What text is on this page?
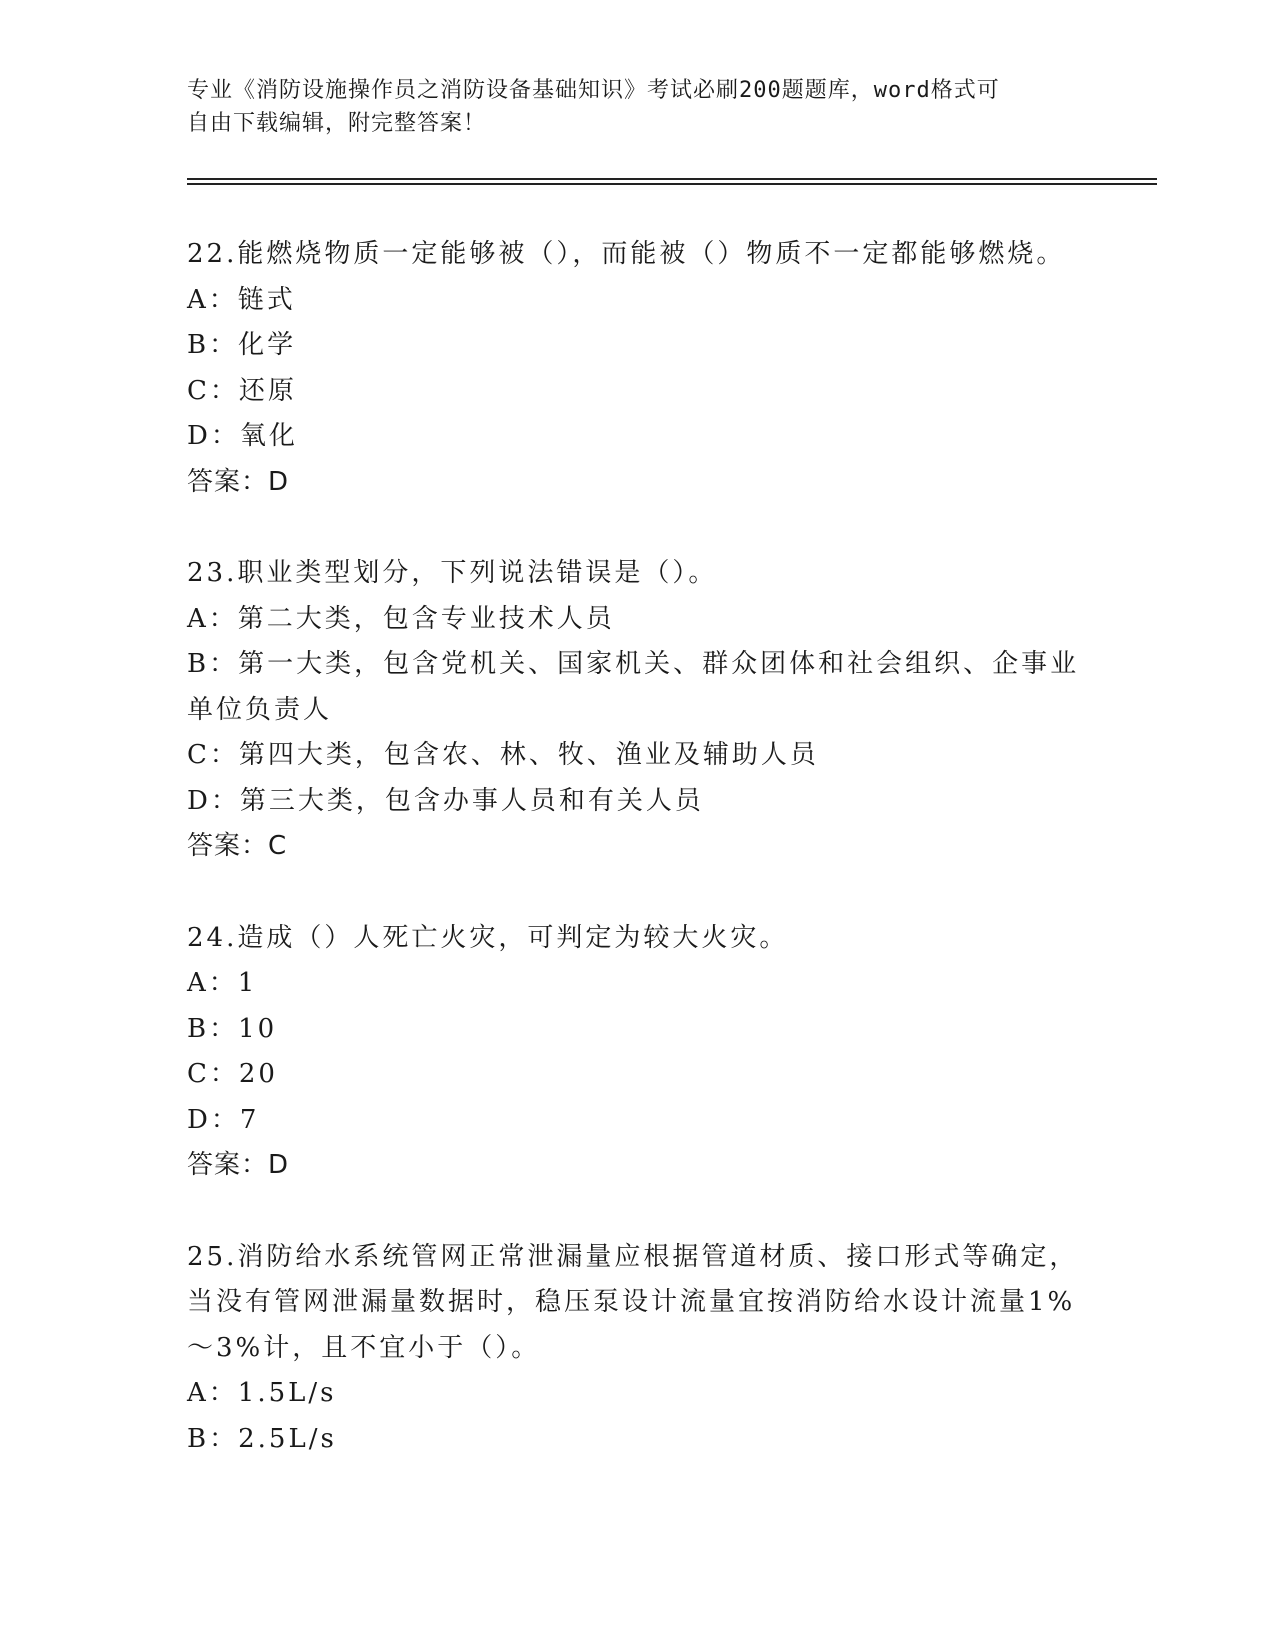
专业《消防设施操作员之消防设备基础知识》考试必刷200题题库，word格式可
自由下载编辑，附完整答案！
22.能燃烧物质一定能够被（），而能被（）物质不一定都能够燃烧。
A：链式
B：化学
C：还原
D：氧化
答案：D
23.职业类型划分，下列说法错误是（）。
A：第二大类，包含专业技术人员
B：第一大类，包含党机关、国家机关、群众团体和社会组织、企事业
单位负责人
C：第四大类，包含农、林、牧、渔业及辅助人员
D：第三大类，包含办事人员和有关人员
答案：C
24.造成（）人死亡火灾，可判定为较大火灾。
A：1
B：10
C：20
D：7
答案：D
25.消防给水系统管网正常泄漏量应根据管道材质、接口形式等确定，
当没有管网泄漏量数据时，稳压泵设计流量宜按消防给水设计流量1%
～3%计，且不宜小于（）。
A：1.5L/s
B：2.5L/s
